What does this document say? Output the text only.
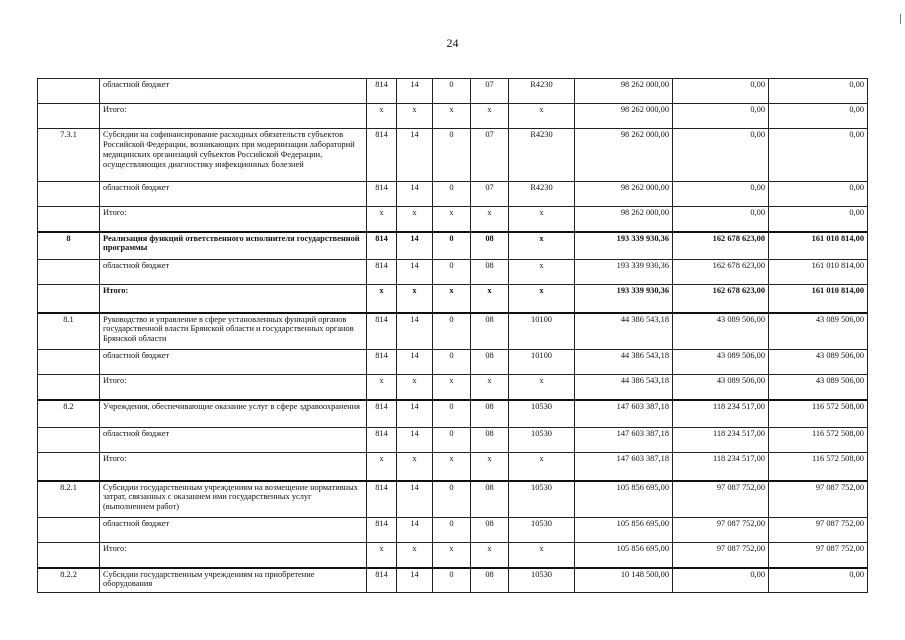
24
	областной бюджет	814	14	0	07	R4230	98 262 000,00	0,00	0,00
	Итого:	x	x	x	x	x	98 262 000,00	0,00	0,00
7.3.1	Субсидии на софинансирование расходных обязательств субъектов Российской Федерации, возникающих при модернизации лабораторий медицинских организаций субъектов Российской Федерации, осуществляющих диагностику инфекционных болезней	814	14	0	07	R4230	98 262 000,00	0,00	0,00
	областной бюджет	814	14	0	07	R4230	98 262 000,00	0,00	0,00
	Итого:	x	x	x	x	x	98 262 000,00	0,00	0,00
8	Реализация функций ответственного исполнителя государственной программы	814	14	0	08	x	193 339 930,36	162 678 623,00	161 010 814,00
	областной бюджет	814	14	0	08	x	193 339 930,36	162 678 623,00	161 010 814,00
	Итого:	x	x	x	x	x	193 339 930,36	162 678 623,00	161 010 814,00
8.1	Руководство и управление в сфере установленных функций органов государственной власти Брянской области и государственных органов Брянской области	814	14	0	08	10100	44 386 543,18	43 089 506,00	43 089 506,00
	областной бюджет	814	14	0	08	10100	44 386 543,18	43 089 506,00	43 089 506,00
	Итого:	x	x	x	x	x	44 386 543,18	43 089 506,00	43 089 506,00
8.2	Учреждения, обеспечивающие оказание услуг в сфере здравоохранения	814	14	0	08	10530	147 603 387,18	118 234 517,00	116 572 508,00
	областной бюджет	814	14	0	08	10530	147 603 387,18	118 234 517,00	116 572 508,00
	Итого:	x	x	x	x	x	147 603 387,18	118 234 517,00	116 572 508,00
8.2.1	Субсидии государственным учреждениям на возмещение нормативных затрат, связанных с оказанием ими государственных услуг (выполнением работ)	814	14	0	08	10530	105 856 695,00	97 087 752,00	97 087 752,00
	областной бюджет	814	14	0	08	10530	105 856 695,00	97 087 752,00	97 087 752,00
	Итого:	x	x	x	x	x	105 856 695,00	97 087 752,00	97 087 752,00
8.2.2	Субсидии государственным учреждениям на приобретение оборудования	814	14	0	08	10530	10 148 500,00	0,00	0,00
